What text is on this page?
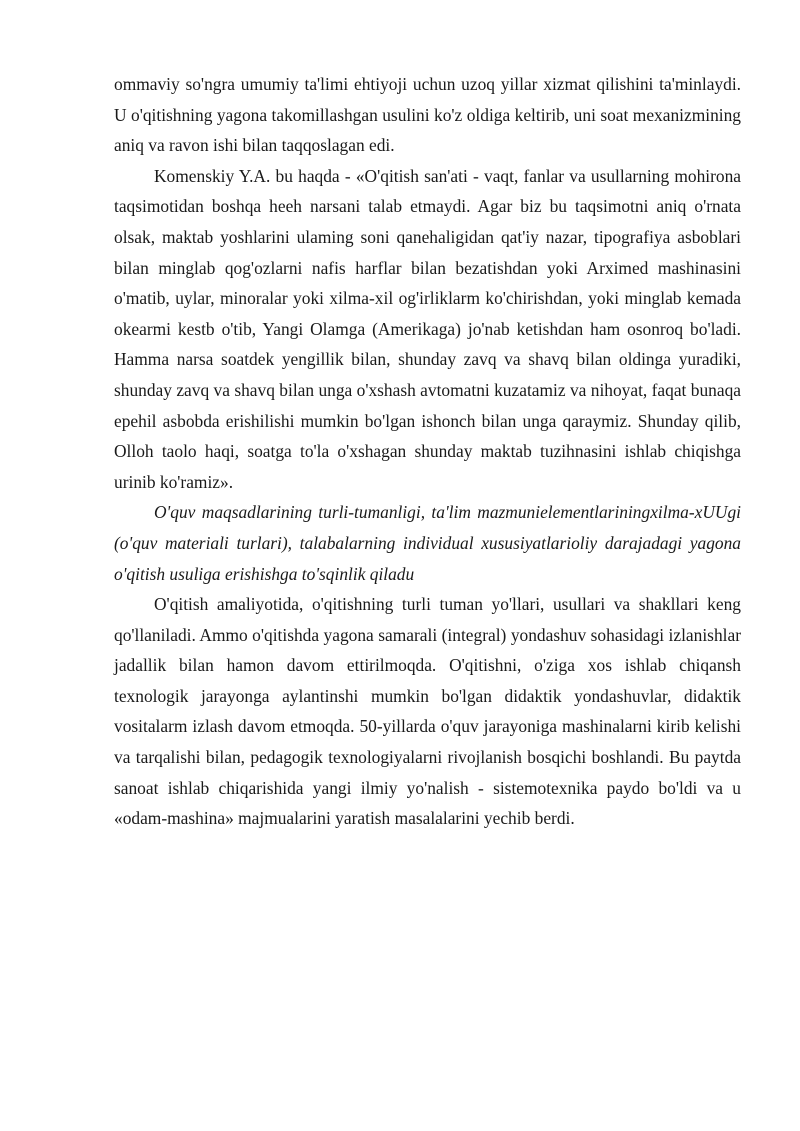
ommaviy so'ngra umumiy ta'limi ehtiyoji uchun uzoq yillar xizmat qilishini ta'minlaydi. U o'qitishning yagona takomillashgan usulini ko'z oldiga keltirib, uni soat mexanizmining aniq va ravon ishi bilan taqqoslagan edi.

Komenskiy Y.A. bu haqda - «O'qitish san'ati - vaqt, fanlar va usullarning mohirona taqsimotidan boshqa heeh narsani talab etmaydi. Agar biz bu taqsimotni aniq o'rnata olsak, maktab yoshlarini ulaming soni qanehaligidan qat'iy nazar, tipografiya asboblari bilan minglab qog'ozlarni nafis harflar bilan bezatishdan yoki Arximed mashinasini o'matib, uylar, minoralar yoki xilma-xil og'irliklarm ko'chirishdan, yoki minglab kemada okearmi kestb o'tib, Yangi Olamga (Amerikaga) jo'nab ketishdan ham osonroq bo'ladi. Hamma narsa soatdek yengillik bilan, shunday zavq va shavq bilan oldinga yuradiki, shunday zavq va shavq bilan unga o'xshash avtomatni kuzatamiz va nihoyat, faqat bunaqa epehil asbobda erishilishi mumkin bo'lgan ishonch bilan unga qaraymiz. Shunday qilib, Olloh taolo haqi, soatga to'la o'xshagan shunday maktab tuzihnasini ishlab chiqishga urinib ko'ramiz».

O'quv maqsadlarining turli-tumanligi, ta'lim mazmunielementlariningxilma-xUUgi (o'quv materiali turlari), talabalarning individual xususiyatlarioliy darajadagi yagona o'qitish usuliga erishishga to'sqinlik qiladu

O'qitish amaliyotida, o'qitishning turli tuman yo'llari, usullari va shakllari keng qo'llaniladi. Ammo o'qitishda yagona samarali (integral) yondashuv sohasidagi izlanishlar jadallik bilan hamon davom ettirilmoqda. O'qitishni, o'ziga xos ishlab chiqansh texnologik jarayonga aylantinshi mumkin bo'lgan didaktik yondashuvlar, didaktik vositalarm izlash davom etmoqda. 50-yillarda o'quv jarayoniga mashinalarni kirib kelishi va tarqalishi bilan, pedagogik texnologiyalarni rivojlanish bosqichi boshlandi. Bu paytda sanoat ishlab chiqarishida yangi ilmiy yo'nalish - sistemotexnika paydo bo'ldi va u «odam-mashina» majmualarini yaratish masalalarini yechib berdi.
